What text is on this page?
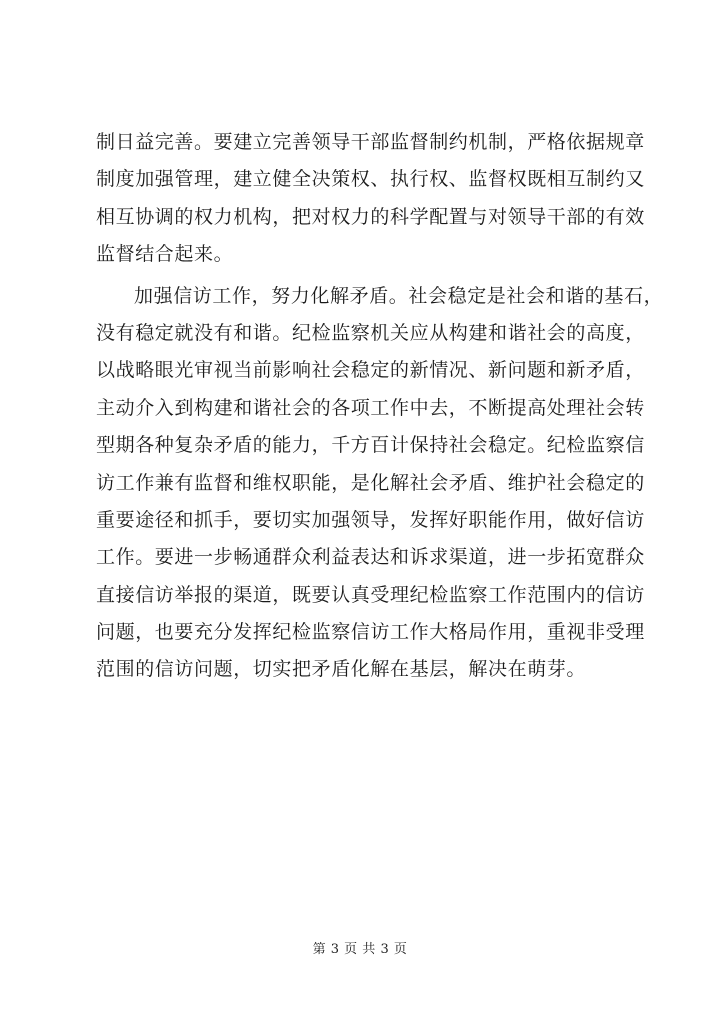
制日益完善。要建立完善领导干部监督制约机制，严格依据规章
制度加强管理，建立健全决策权、执行权、监督权既相互制约又
相互协调的权力机构，把对权力的科学配置与对领导干部的有效
监督结合起来。
加强信访工作，努力化解矛盾。社会稳定是社会和谐的基石，
没有稳定就没有和谐。纪检监察机关应从构建和谐社会的高度，
以战略眼光审视当前影响社会稳定的新情况、新问题和新矛盾，
主动介入到构建和谐社会的各项工作中去，不断提高处理社会转
型期各种复杂矛盾的能力，千方百计保持社会稳定。纪检监察信
访工作兼有监督和维权职能，是化解社会矛盾、维护社会稳定的
重要途径和抓手，要切实加强领导，发挥好职能作用，做好信访
工作。要进一步畅通群众利益表达和诉求渠道，进一步拓宽群众
直接信访举报的渠道，既要认真受理纪检监察工作范围内的信访
问题，也要充分发挥纪检监察信访工作大格局作用，重视非受理
范围的信访问题，切实把矛盾化解在基层，解决在萌芽。
第 3 页 共 3 页
